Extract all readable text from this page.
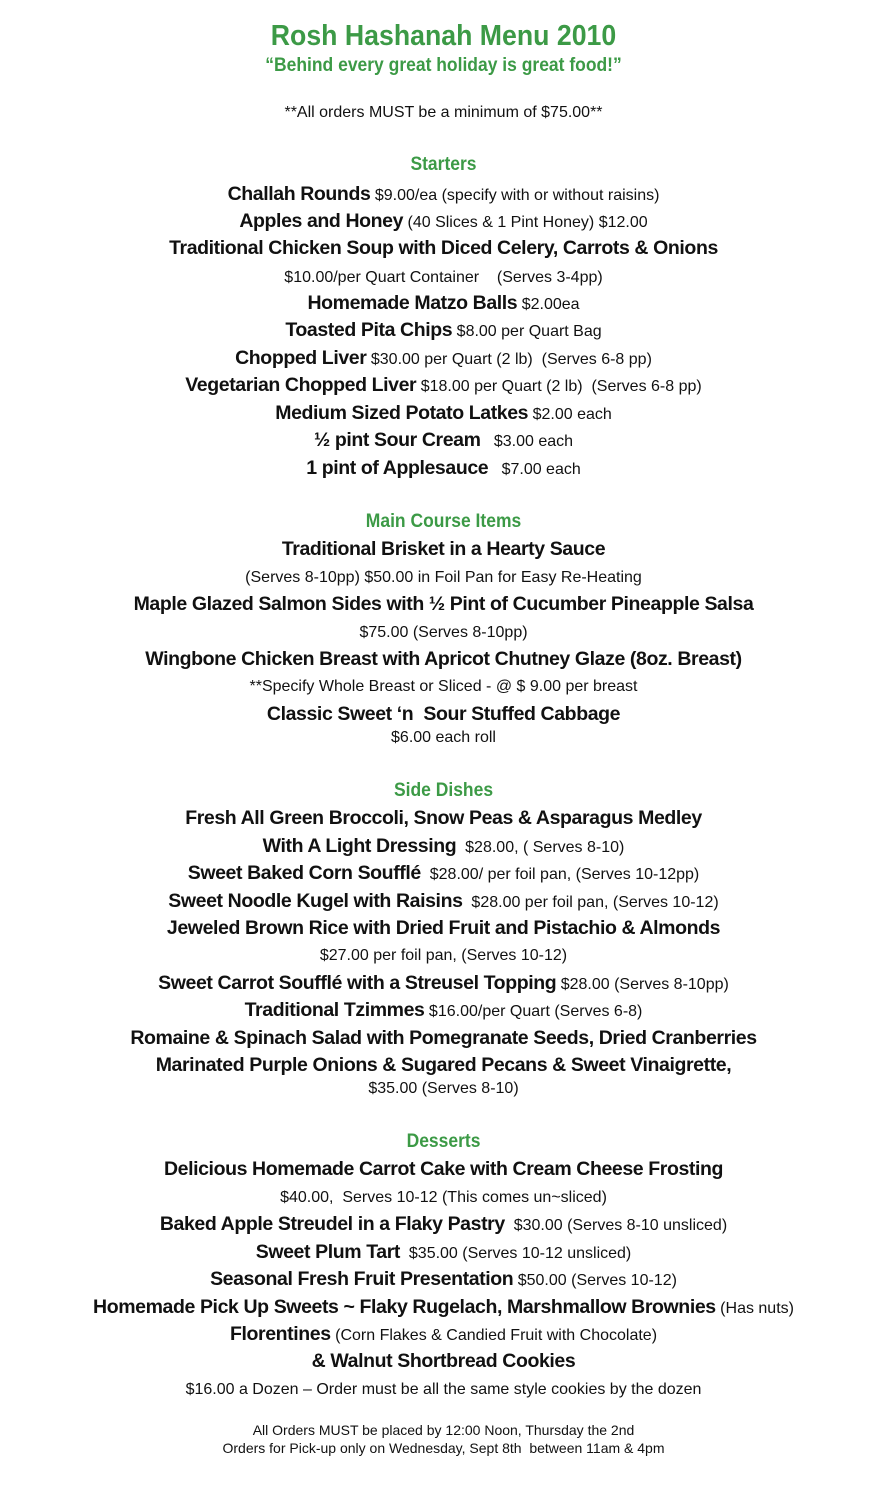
Rosh Hashanah Menu 2010
“Behind every great holiday is great food!”
**All orders MUST be a minimum of $75.00**
Starters
Challah Rounds $9.00/ea (specify with or without raisins)
Apples and Honey (40 Slices & 1 Pint Honey) $12.00
Traditional Chicken Soup with Diced Celery, Carrots & Onions
$10.00/per Quart Container    (Serves 3-4pp)
Homemade Matzo Balls $2.00ea
Toasted Pita Chips $8.00 per Quart Bag
Chopped Liver $30.00 per Quart (2 lb)  (Serves 6-8 pp)
Vegetarian Chopped Liver $18.00 per Quart (2 lb)  (Serves 6-8 pp)
Medium Sized Potato Latkes $2.00 each
½ pint Sour Cream   $3.00 each
1 pint of Applesauce   $7.00 each
Main Course Items
Traditional Brisket in a Hearty Sauce
(Serves 8-10pp) $50.00 in Foil Pan for Easy Re-Heating
Maple Glazed Salmon Sides with ½ Pint of Cucumber Pineapple Salsa
$75.00 (Serves 8-10pp)
Wingbone Chicken Breast with Apricot Chutney Glaze (8oz. Breast)
**Specify Whole Breast or Sliced - @ $ 9.00 per breast
Classic Sweet ‘n  Sour Stuffed Cabbage
$6.00 each roll
Side Dishes
Fresh All Green Broccoli, Snow Peas & Asparagus Medley
With A Light Dressing  $28.00, ( Serves 8-10)
Sweet Baked Corn Soufflé  $28.00/ per foil pan, (Serves 10-12pp)
Sweet Noodle Kugel with Raisins  $28.00 per foil pan, (Serves 10-12)
Jeweled Brown Rice with Dried Fruit and Pistachio & Almonds
$27.00 per foil pan, (Serves 10-12)
Sweet Carrot Soufflé with a Streusel Topping $28.00 (Serves 8-10pp)
Traditional Tzimmes $16.00/per Quart (Serves 6-8)
Romaine & Spinach Salad with Pomegranate Seeds, Dried Cranberries
Marinated Purple Onions & Sugared Pecans & Sweet Vinaigrette,
$35.00 (Serves 8-10)
Desserts
Delicious Homemade Carrot Cake with Cream Cheese Frosting
$40.00,  Serves 10-12 (This comes un~sliced)
Baked Apple Streudel in a Flaky Pastry  $30.00 (Serves 8-10 unsliced)
Sweet Plum Tart  $35.00 (Serves 10-12 unsliced)
Seasonal Fresh Fruit Presentation $50.00 (Serves 10-12)
Homemade Pick Up Sweets ~ Flaky Rugelach, Marshmallow Brownies (Has nuts)
Florentines (Corn Flakes & Candied Fruit with Chocolate)
& Walnut Shortbread Cookies
$16.00 a Dozen – Order must be all the same style cookies by the dozen
All Orders MUST be placed by 12:00 Noon, Thursday the 2nd
Orders for Pick-up only on Wednesday, Sept 8th  between 11am & 4pm
